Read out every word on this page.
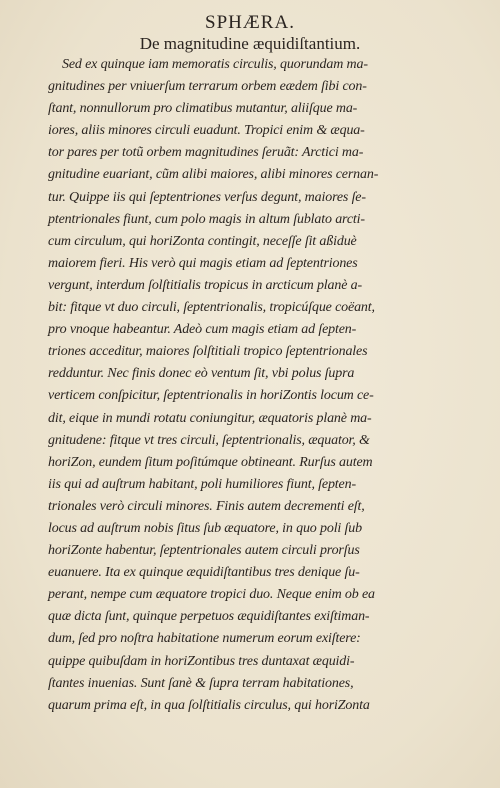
SPHÆRA.
De magnitudine æquidiſtantium.
Sed ex quinque iam memoratis circulis, quorundam ma-
gnitudines per vniuerſum terrarum orbem eædem ſibi con-
ſtant, nonnullorum pro climatibus mutantur, aliiſque ma-
iores, aliis minores circuli euadunt. Tropici enim & æqua-
tor pares per totũ orbem magnitudines ſeruãt: Arctici ma-
gnitudine euariant, cũm alibi maiores, alibi minores cernan-
tur. Quippe iis qui ſeptentriones verſus degunt, maiores ſe-
ptentrionales fiunt, cum polo magis in altum ſublato arcti-
cum circulum, qui horiZonta contingit, neceſſe ſit aßiduè
maiorem fieri. His verò qui magis etiam ad ſeptentriones
vergunt, interdum ſolſtitialis tropicus in arcticum planè a-
bit: fitque vt duo circuli, ſeptentrionalis, tropicúſque coëant,
pro vnoque habeantur. Adeò cum magis etiam ad ſepten-
triones acceditur, maiores ſolſtitiali tropico ſeptentrionales
redduntur. Nec finis donec eò ventum ſit, vbi polus ſupra
verticem conſpicitur, ſeptentrionalis in horiZontis locum ce-
dit, eique in mundi rotatu coniungitur, æquatoris planè ma-
gnitudene: fitque vt tres circuli, ſeptentrionalis, æquator, &
horiZon, eundem ſitum poſitúmque obtineant. Rurſus autem
iis qui ad auſtrum habitant, poli humiliores fiunt, ſepten-
trionales verò circuli minores. Finis autem decrementi eſt,
locus ad auſtrum nobis ſitus ſub æquatore, in quo poli ſub
horiZonte habentur, ſeptentrionales autem circuli prorſus
euanuere. Ita ex quinque æquidiſtantibus tres denique ſu-
perant, nempe cum æquatore tropici duo. Neque enim ob ea
quæ dicta ſunt, quinque perpetuos æquidiſtantes exiſtiman-
dum, ſed pro noſtra habitatione numerum eorum exiſtere:
quippe quibuſdam in horiZontibus tres duntaxat æquidi-
ſtantes inuenias. Sunt ſanè & ſupra terram habitationes,
quarum prima eſt, in qua ſolſtitialis circulus, qui horiZonta
